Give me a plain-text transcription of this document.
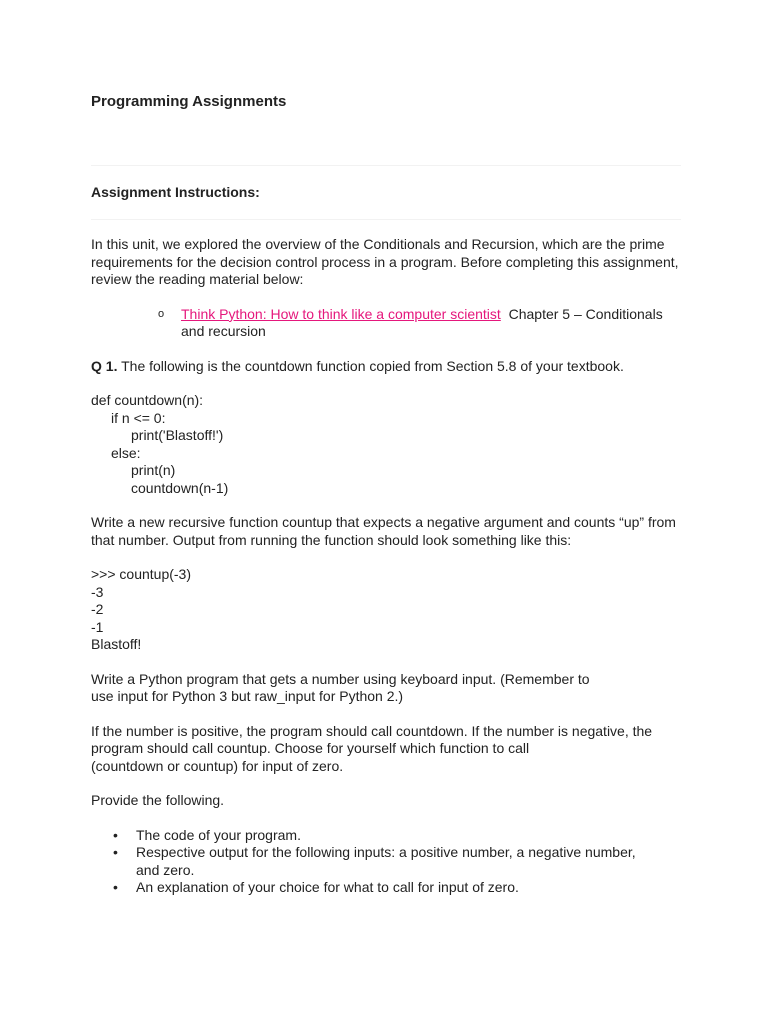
Programming Assignments
Assignment Instructions:

In this unit, we explored the overview of the Conditionals and Recursion, which are the prime requirements for the decision control process in a program. Before completing this assignment, review the reading material below:

o Think Python: How to think like a computer scientist Chapter 5 – Conditionals and recursion

Q 1. The following is the countdown function copied from Section 5.8 of your textbook.

def countdown(n):
if n <= 0:
print('Blastoff!')
else:
print(n)
countdown(n-1)

Write a new recursive function countup that expects a negative argument and counts “up” from that number. Output from running the function should look something like this:

>>> countup(-3)
-3
-2
-1
Blastoff!

Write a Python program that gets a number using keyboard input. (Remember to
use input for Python 3 but raw_input for Python 2.)

If the number is positive, the program should call countdown. If the number is negative, the
program should call countup. Choose for yourself which function to call
(countdown or countup) for input of zero.

Provide the following.

• The code of your program.
• Respective output for the following inputs: a positive number, a negative number, and zero.
• An explanation of your choice for what to call for input of zero.
